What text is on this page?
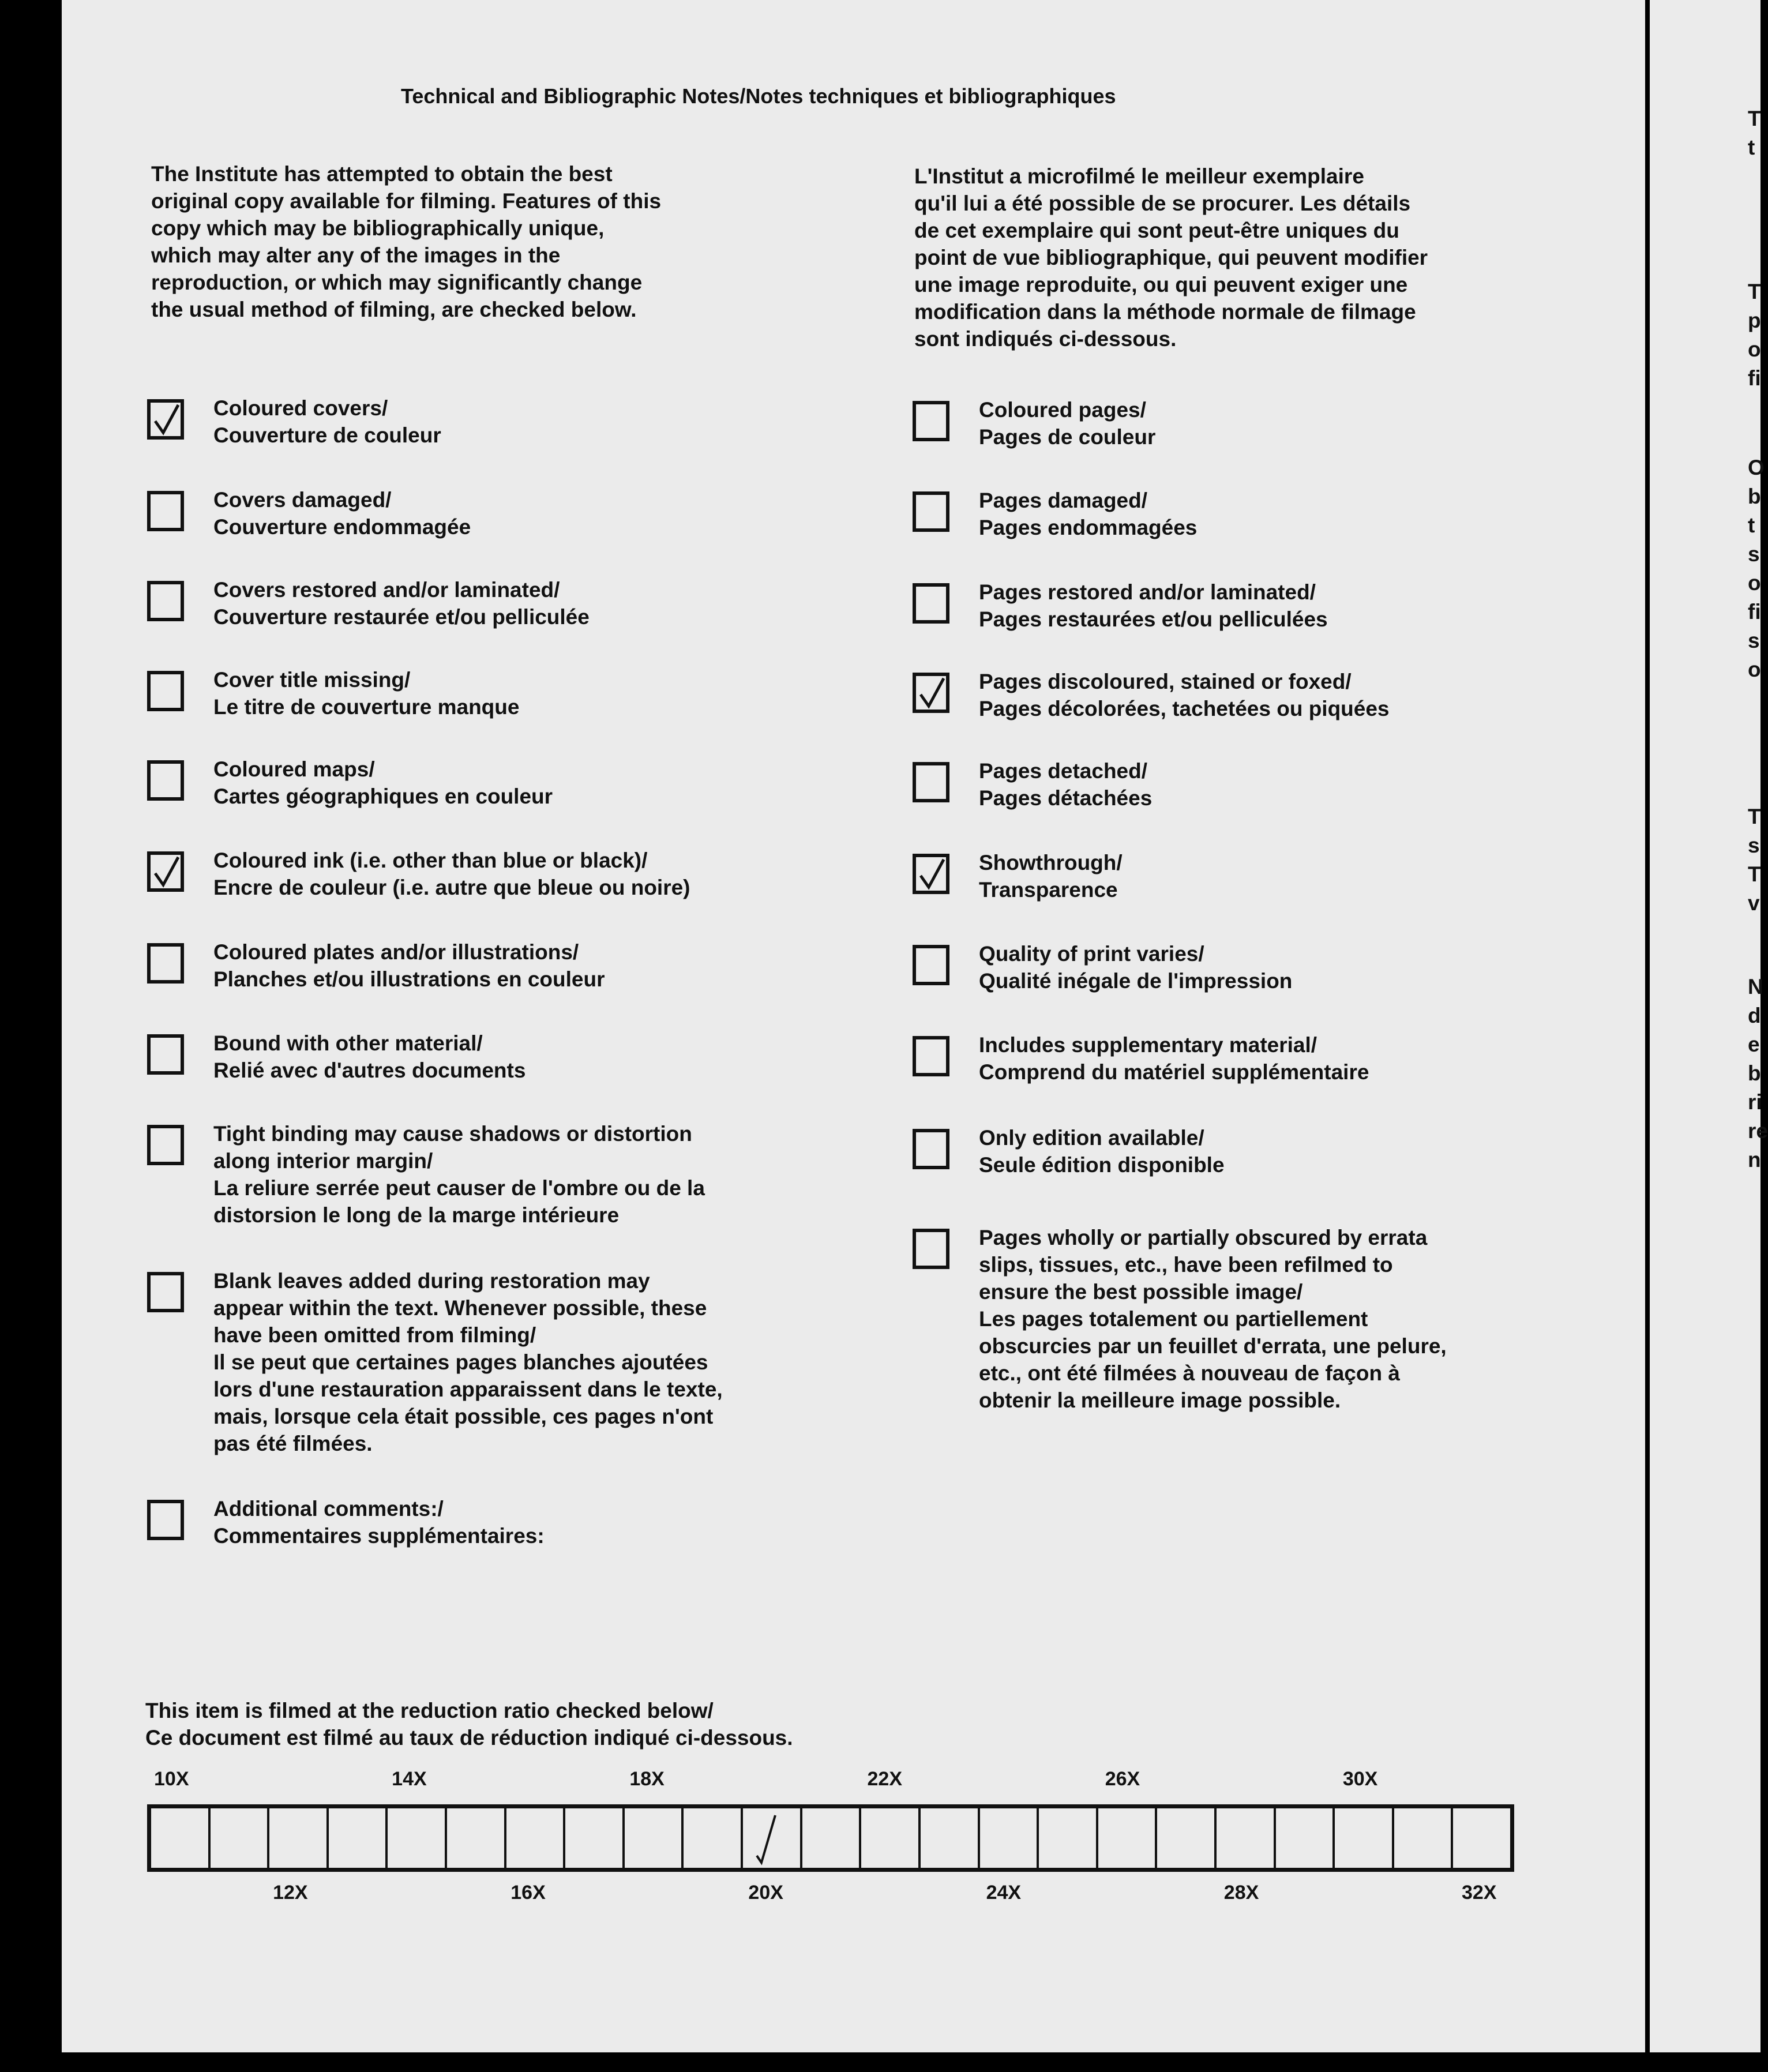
Technical and Bibliographic Notes/Notes techniques et bibliographiques
The Institute has attempted to obtain the best
original copy available for filming. Features of this
copy which may be bibliographically unique,
which may alter any of the images in the
reproduction, or which may significantly change
the usual method of filming, are checked below.
L'Institut a microfilmé le meilleur exemplaire
qu'il lui a été possible de se procurer. Les détails
de cet exemplaire qui sont peut-être uniques du
point de vue bibliographique, qui peuvent modifier
une image reproduite, ou qui peuvent exiger une
modification dans la méthode normale de filmage
sont indiqués ci-dessous.
Coloured covers/
Couverture de couleur
Covers damaged/
Couverture endommagée
Covers restored and/or laminated/
Couverture restaurée et/ou pelliculée
Cover title missing/
Le titre de couverture manque
Coloured maps/
Cartes géographiques en couleur
Coloured ink (i.e. other than blue or black)/
Encre de couleur (i.e. autre que bleue ou noire)
Coloured plates and/or illustrations/
Planches et/ou illustrations en couleur
Bound with other material/
Relié avec d'autres documents
Tight binding may cause shadows or distortion
along interior margin/
La reliure serrée peut causer de l'ombre ou de la
distorsion le long de la marge intérieure
Blank leaves added during restoration may
appear within the text. Whenever possible, these
have been omitted from filming/
Il se peut que certaines pages blanches ajoutées
lors d'une restauration apparaissent dans le texte,
mais, lorsque cela était possible, ces pages n'ont
pas été filmées.
Additional comments:/
Commentaires supplémentaires:
Coloured pages/
Pages de couleur
Pages damaged/
Pages endommagées
Pages restored and/or laminated/
Pages restaurées et/ou pelliculées
Pages discoloured, stained or foxed/
Pages décolorées, tachetées ou piquées
Pages detached/
Pages détachées
Showthrough/
Transparence
Quality of print varies/
Qualité inégale de l'impression
Includes supplementary material/
Comprend du matériel supplémentaire
Only edition available/
Seule édition disponible
Pages wholly or partially obscured by errata
slips, tissues, etc., have been refilmed to
ensure the best possible image/
Les pages totalement ou partiellement
obscurcies par un feuillet d'errata, une pelure,
etc., ont été filmées à nouveau de façon à
obtenir la meilleure image possible.
This item is filmed at the reduction ratio checked below/
Ce document est filmé au taux de réduction indiqué ci-dessous.
10X	14X	18X	22X	26X	30X
12X	16X	20X	24X	28X	32X
T
t
T
p
o
fi
O
b
t
s
o
fi
s
o
T
s
T
v
N
d
e
b
ri
re
n
